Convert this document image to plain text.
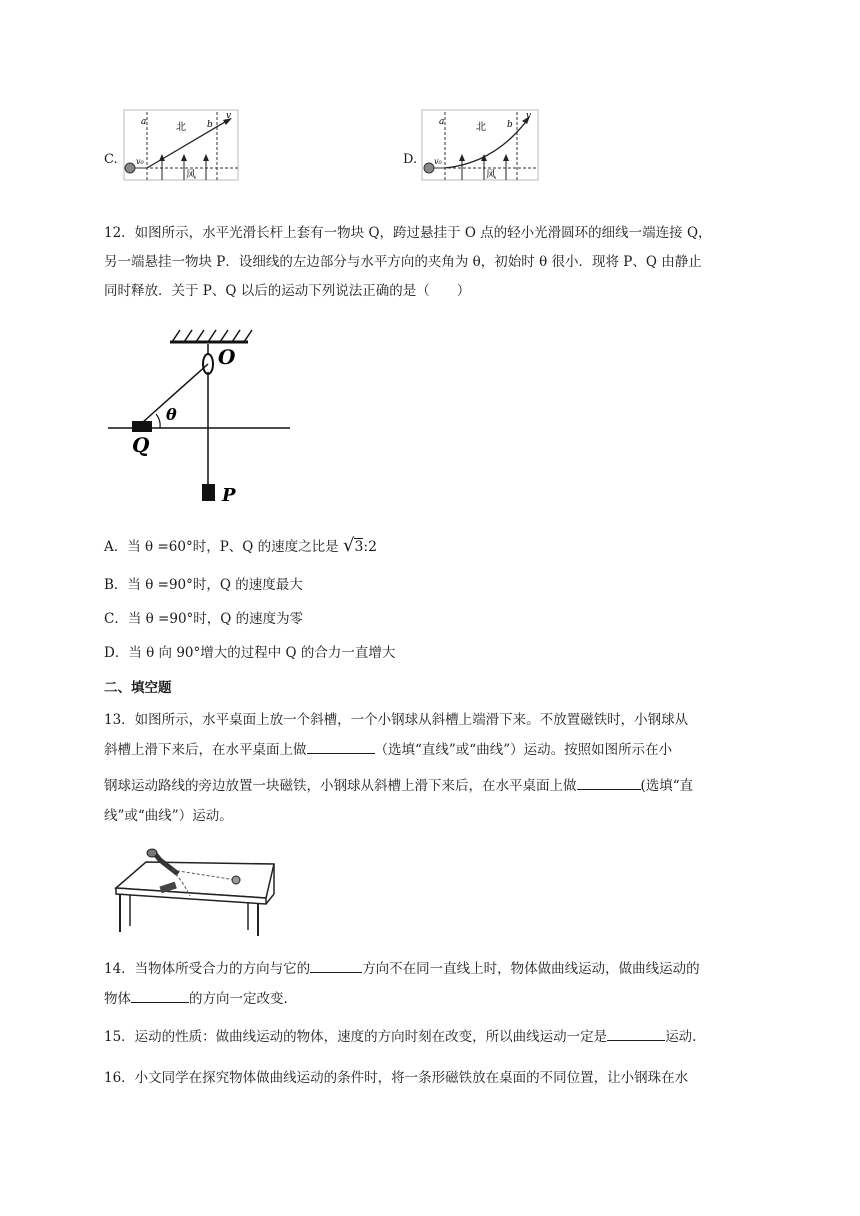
C.
a	北 b
v
v₀
风
D.
a	北 b
v
v₀
风
12．如图所示，水平光滑长杆上套有一物块 Q，跨过悬挂于 O 点的轻小光滑圆环的细线一端连接 Q，
另一端悬挂一物块 P．设细线的左边部分与水平方向的夹角为 θ，初始时 θ 很小．现将 P、Q 由静止
同时释放．关于 P、Q 以后的运动下列说法正确的是（　　）
O
θ
Q
P
A．当 θ =60°时，P、Q 的速度之比是 √3:2
B．当 θ =90°时，Q 的速度最大
C．当 θ =90°时，Q 的速度为零
D．当 θ 向 90°增大的过程中 Q 的合力一直增大
二、填空题
13．如图所示，水平桌面上放一个斜槽，一个小钢球从斜槽上端滑下来。不放置磁铁时，小钢球从
斜槽上滑下来后，在水平桌面上做	（选填“直线”或“曲线”）运动。按照如图所示在小
钢球运动路线的旁边放置一块磁铁，小钢球从斜槽上滑下来后，在水平桌面上做	(选填“直
线”或“曲线”）运动。
14．当物体所受合力的方向与它的	方向不在同一直线上时，物体做曲线运动，做曲线运动的
物体	的方向一定改变.
15．运动的性质：做曲线运动的物体，速度的方向时刻在改变，所以曲线运动一定是	运动.
16．小文同学在探究物体做曲线运动的条件时，将一条形磁铁放在桌面的不同位置，让小钢珠在水
